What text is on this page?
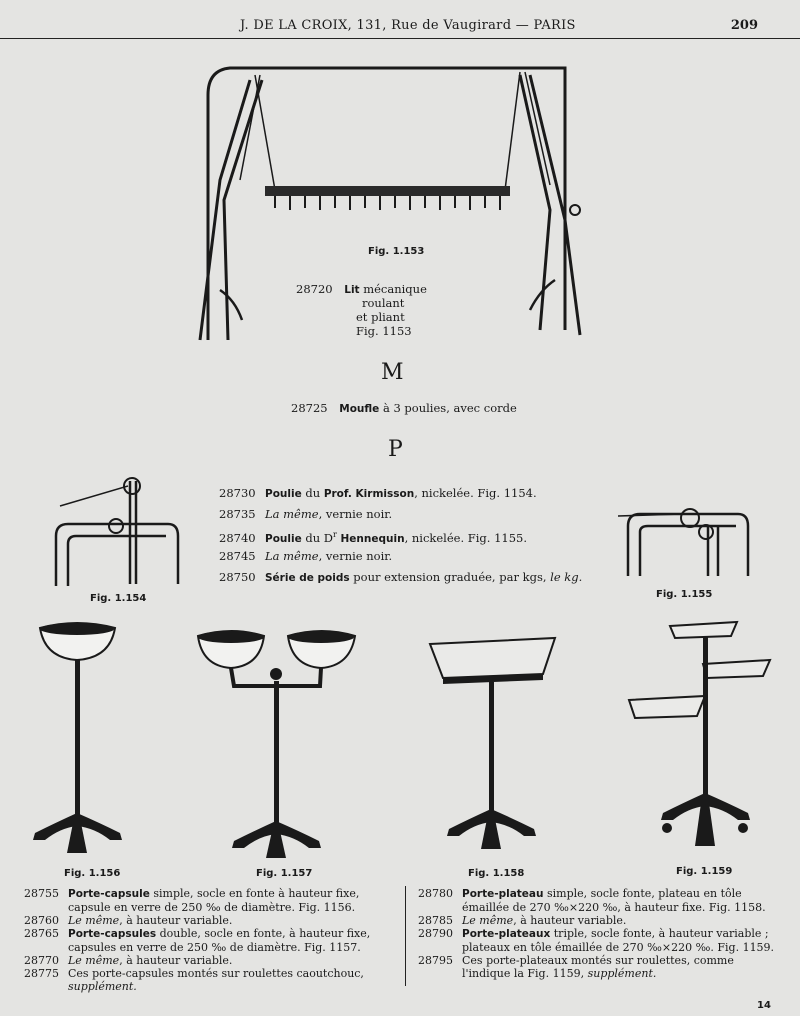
J. DE LA CROIX, 131, Rue de Vaugirard — PARIS	209
Fig. 1.153
28720 Lit mécanique
roulant
et pliant
Fig. 1153
M
28725 Moufle à 3 poulies, avec corde
P
28730 Poulie du Prof. Kirmisson, nickelée. Fig. 1154.
28735 La même, vernie noir.
28740 Poulie du $D^r$ Hennequin, nickelée. Fig. 1155.
28745 La même, vernie noir.
28750 Série de poids pour extension graduée, par kgs, le kg.
Fig. 1.154	Fig. 1.155
Fig. 1.156	Fig. 1.157	Fig. 1.158	Fig. 1.159
28755 Porte-capsule simple, socle en fonte à hauteur fixe, capsule en verre de 250 ‰ de diamètre. Fig. 1156.
28760 Le même, à hauteur variable.
28765 Porte-capsules double, socle en fonte, à hauteur fixe, capsules en verre de 250 ‰ de diamètre. Fig. 1157.
28770 Le même, à hauteur variable.
28775 Ces porte-capsules montés sur roulettes caoutchouc, supplément.
28780 Porte-plateau simple, socle fonte, plateau en tôle émaillée de 270 ‰×220 ‰, à hauteur fixe. Fig. 1158.
28785 Le même, à hauteur variable.
28790 Porte-plateaux triple, socle fonte, à hauteur variable ; plateaux en tôle émaillée de 270 ‰×220 ‰. Fig. 1159.
28795 Ces porte-plateaux montés sur roulettes, comme l'indique la Fig. 1159, supplément.
14
